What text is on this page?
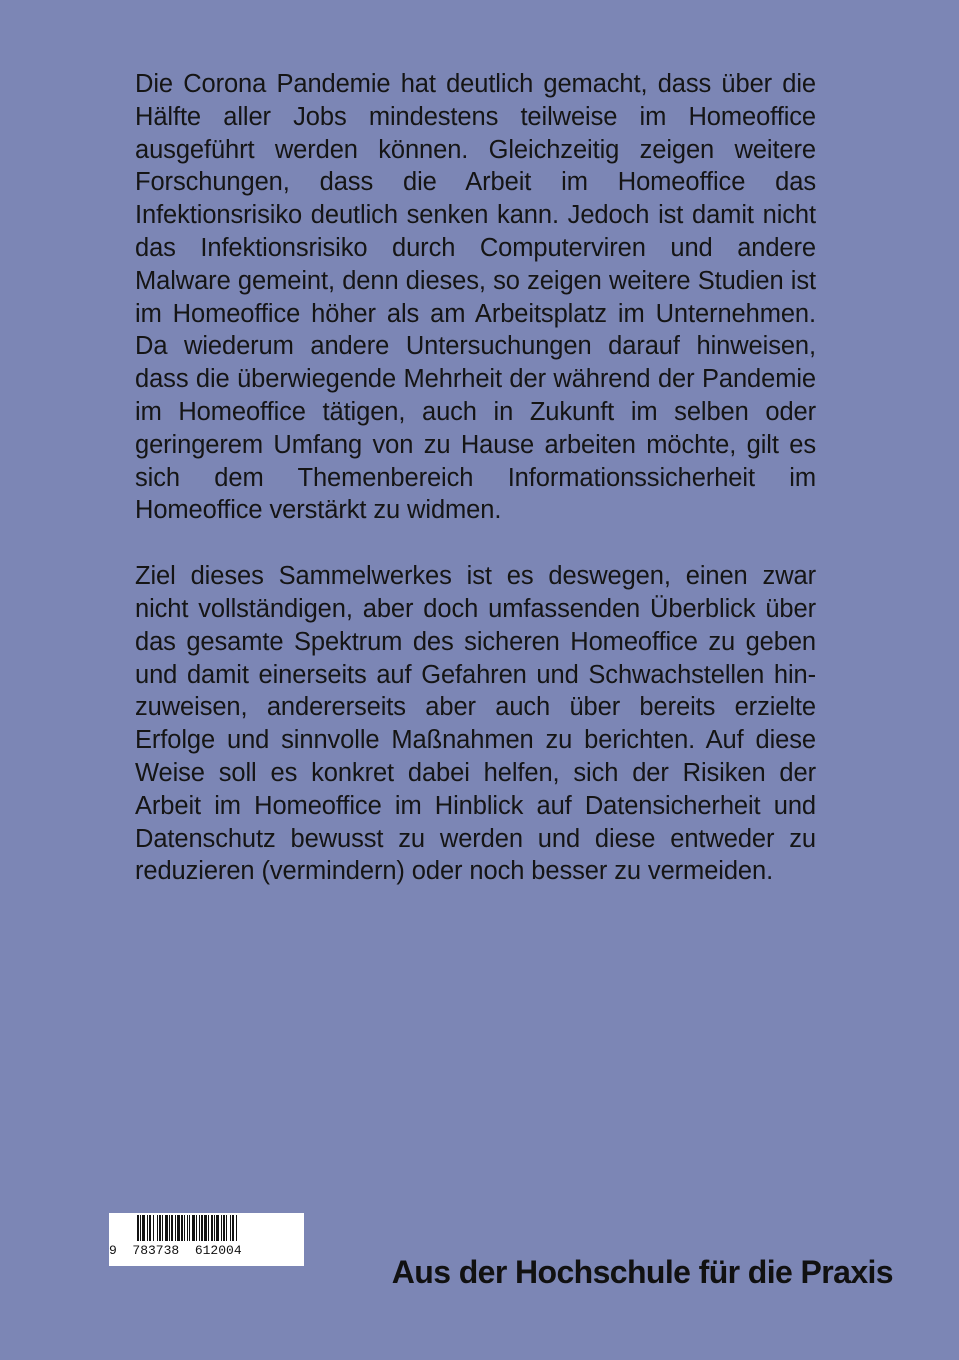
Die Corona Pandemie hat deutlich gemacht, dass über die Hälfte aller Jobs mindestens teilweise im Homeoffice ausgeführt werden können. Gleichzeitig zeigen weitere Forschungen, dass die Arbeit im Homeoffice das Infektionsrisiko deutlich senken kann. Jedoch ist damit nicht das Infektionsrisiko durch Computerviren und andere Malware gemeint, denn dieses, so zeigen weitere Studien ist im Homeoffice höher als am Arbeitsplatz im Unternehmen. Da wiederum andere Untersuchungen darauf hinweisen, dass die überwiegende Mehrheit der während der Pandemie im Homeoffice tätigen, auch in Zukunft im selben oder geringerem Umfang von zu Hause arbeiten möchte, gilt es sich dem Themenbereich Informationssicherheit im Homeoffice verstärkt zu widmen.

Ziel dieses Sammelwerkes ist es deswegen, einen zwar nicht vollständigen, aber doch umfassenden Überblick über das gesamte Spektrum des sicheren Homeoffice zu geben und damit einerseits auf Gefahren und Schwachstellen hin- zuweisen, andererseits aber auch über bereits erzielte Erfolge und sinnvolle Maßnahmen zu berichten. Auf diese Weise soll es konkret dabei helfen, sich der Risiken der Arbeit im Homeoffice im Hinblick auf Datensicherheit und Datenschutz bewusst zu werden und diese entweder zu reduzieren (vermindern) oder noch besser zu vermeiden.

9  783738  612004
Aus der Hochschule für die Praxis
